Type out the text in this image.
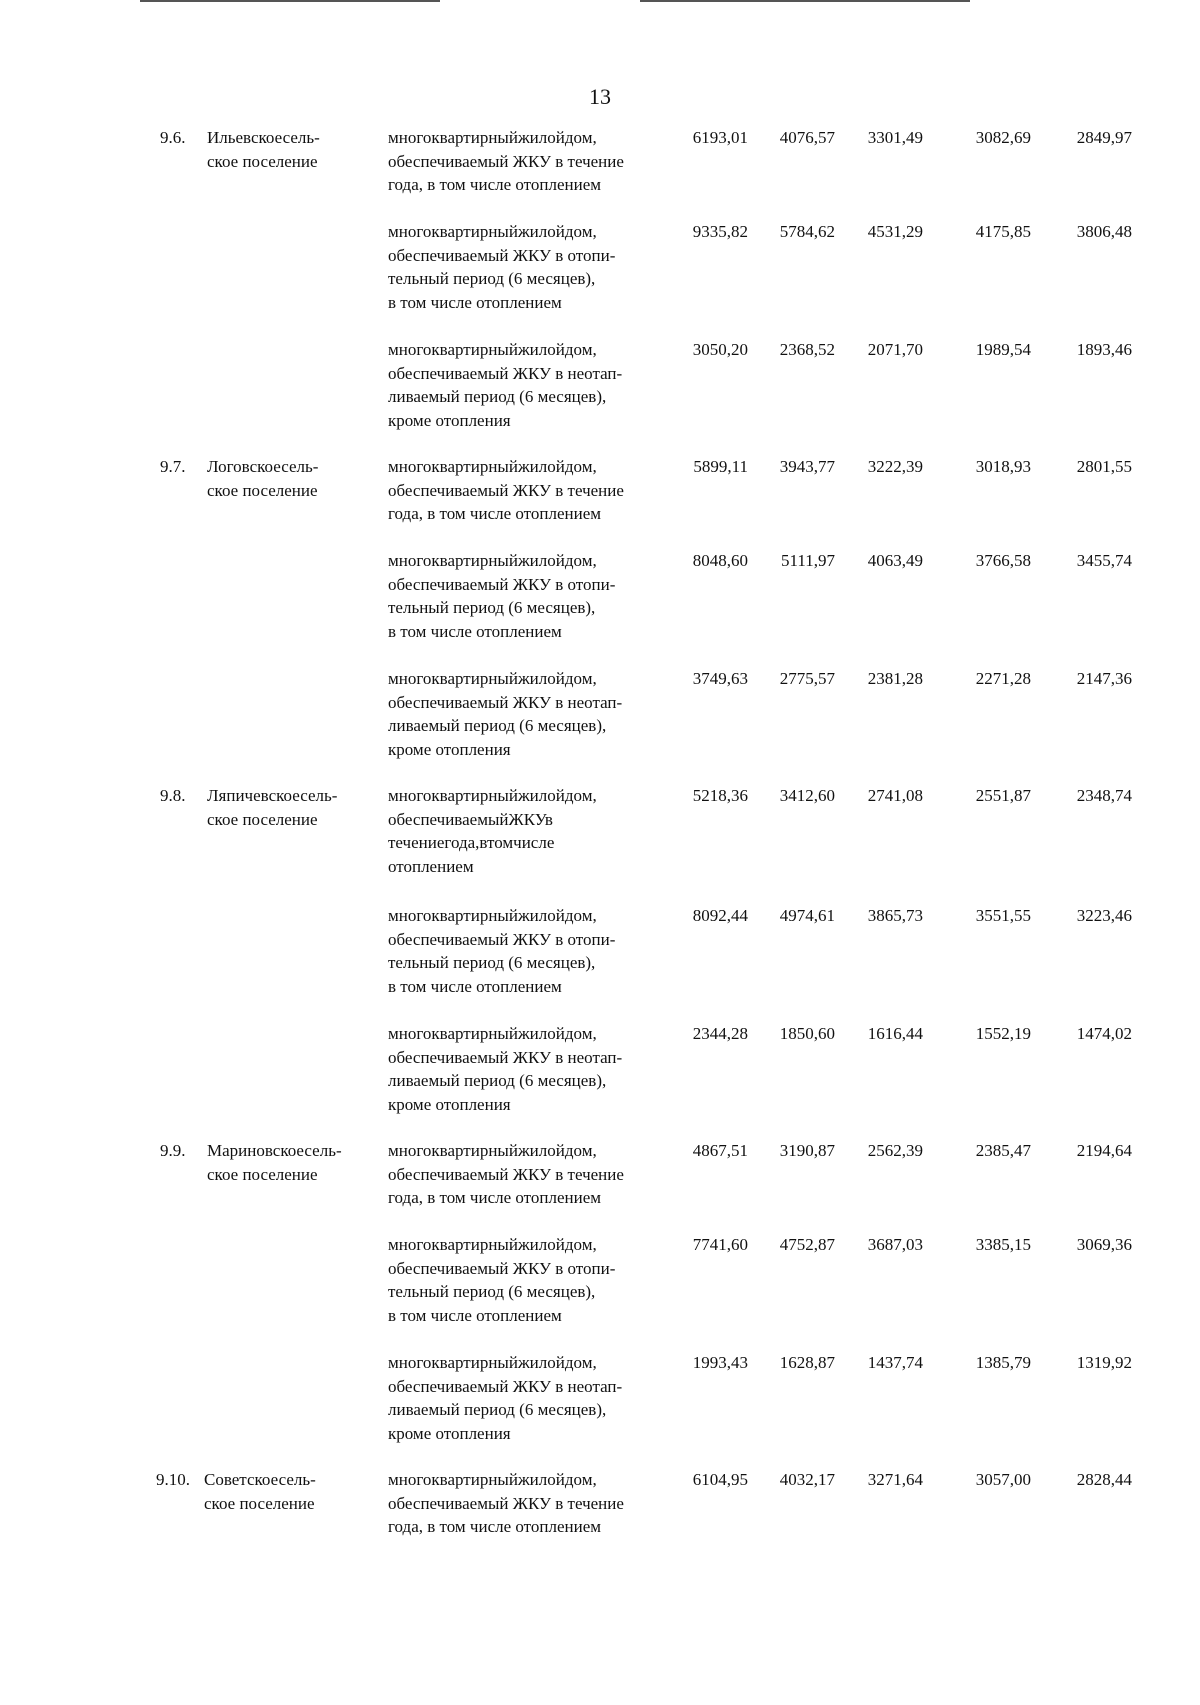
13
9.6. Ильевскоесель-
ское поселение
многоквартирныйжилойдом,
обеспечиваемый ЖКУ в течение
года, в том числе отоплением
6193,01	4076,57	3301,49	3082,69	2849,97
многоквартирныйжилойдом,
обеспечиваемый ЖКУ в отопи-
тельный период (6 месяцев),
в том числе отоплением
9335,82	5784,62	4531,29	4175,85	3806,48
многоквартирныйжилойдом,
обеспечиваемый ЖКУ в неотап-
ливаемый период (6 месяцев),
кроме отопления
3050,20	2368,52	2071,70	1989,54	1893,46
9.7. Логовскоесель-
ское поселение
многоквартирныйжилойдом,
обеспечиваемый ЖКУ в течение
года, в том числе отоплением
5899,11	3943,77	3222,39	3018,93	2801,55
многоквартирныйжилойдом,
обеспечиваемый ЖКУ в отопи-
тельный период (6 месяцев),
в том числе отоплением
8048,60	5111,97	4063,49	3766,58	3455,74
многоквартирныйжилойдом,
обеспечиваемый ЖКУ в неотап-
ливаемый период (6 месяцев),
кроме отопления
3749,63	2775,57	2381,28	2271,28	2147,36
9.8. Ляпичевскоесель-
ское поселение
многоквартирныйжилойдом,
обеспечиваемыйЖКУв
течениегода,втомчисле
отоплением
5218,36	3412,60	2741,08	2551,87	2348,74
многоквартирныйжилойдом,
обеспечиваемый ЖКУ в отопи-
тельный период (6 месяцев),
в том числе отоплением
8092,44	4974,61	3865,73	3551,55	3223,46
многоквартирныйжилойдом,
обеспечиваемый ЖКУ в неотап-
ливаемый период (6 месяцев),
кроме отопления
2344,28	1850,60	1616,44	1552,19	1474,02
9.9. Мариновскоесель-
ское поселение
многоквартирныйжилойдом,
обеспечиваемый ЖКУ в течение
года, в том числе отоплением
4867,51	3190,87	2562,39	2385,47	2194,64
многоквартирныйжилойдом,
обеспечиваемый ЖКУ в отопи-
тельный период (6 месяцев),
в том числе отоплением
7741,60	4752,87	3687,03	3385,15	3069,36
многоквартирныйжилойдом,
обеспечиваемый ЖКУ в неотап-
ливаемый период (6 месяцев),
кроме отопления
1993,43	1628,87	1437,74	1385,79	1319,92
9.10. Советскоесель-
ское поселение
многоквартирныйжилойдом,
обеспечиваемый ЖКУ в течение
года, в том числе отоплением
6104,95	4032,17	3271,64	3057,00	2828,44
